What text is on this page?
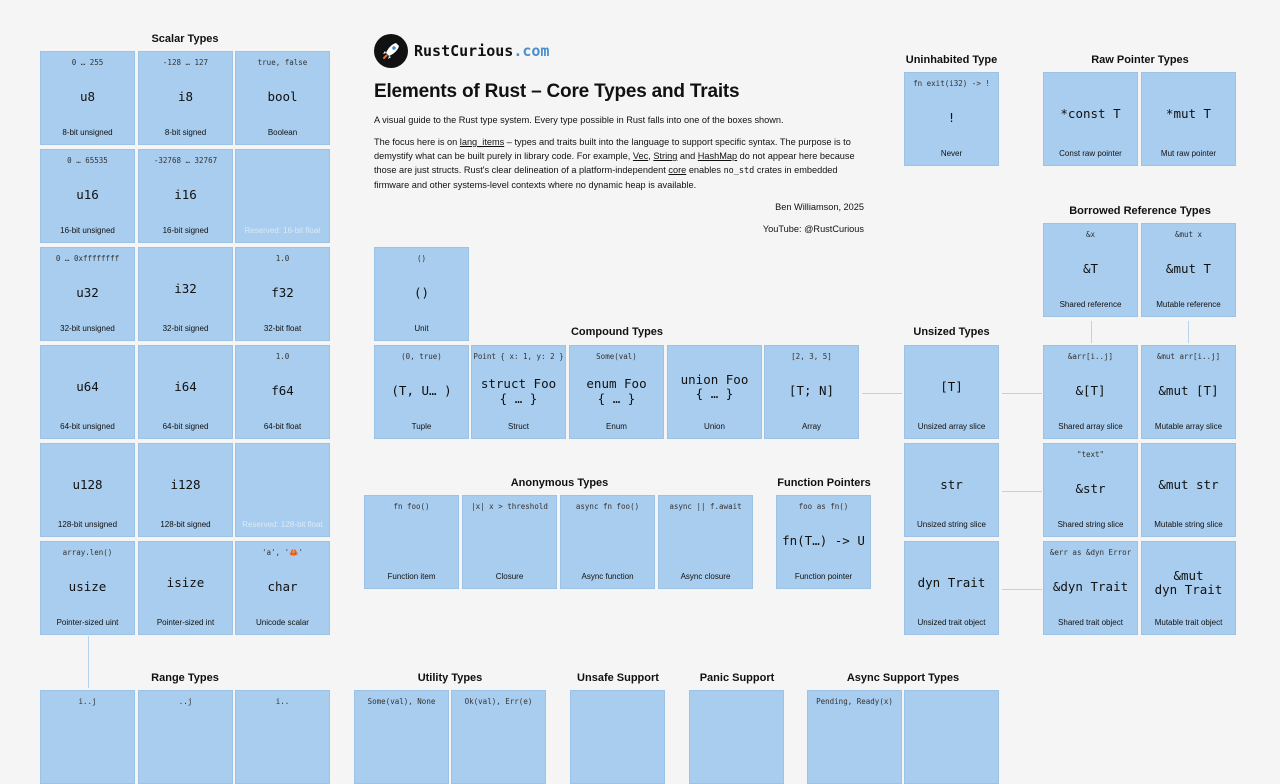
RustCurious.com
Elements of Rust – Core Types and Traits

A visual guide to the Rust type system. Every type possible in Rust falls into one of the boxes shown.

The focus here is on lang_items – types and traits built into the language to support specific syntax. The purpose is to demystify what can be built purely in library code. For example, Vec, String and HashMap do not appear here because those are just structs. Rust's clear delineation of a platform-independent core enables no_std crates in embedded firmware and other systems-level contexts where no dynamic heap is available.

Ben Williamson, 2025

YouTube: @RustCurious

Scalar Types
Uninhabited Type	Raw Pointer Types
Borrowed Reference Types
Compound Types	Unsized Types
Anonymous Types	Function Pointers
Range Types	Utility Types	Unsafe Support	Panic Support	Async Support Types
0 … 255
u8
8-bit unsigned
-128 … 127
i8
8-bit signed
true, false
bool
Boolean
0 … 65535
u16
16-bit unsigned
-32768 … 32767
i16
16-bit signed	Reserved: 16-bit float
0 … 0xffffffff
u32
32-bit unsigned
i32
32-bit signed
1.0
f32
32-bit float
u64
64-bit unsigned
i64
64-bit signed
1.0
f64
64-bit float
u128
128-bit unsigned
i128
128-bit signed	Reserved: 128-bit float
array.len()
usize
Pointer-sized uint
isize
Pointer-sized int
'a', '🦀'
char
Unicode scalar
fn exit(i32) -> !
!
Never
*const T
Const raw pointer
*mut T
Mut raw pointer
&x
&T
Shared reference
&mut x
&mut T
Mutable reference
()
()
Unit
(0, true)
(T, U… )
Tuple
Point { x: 1, y: 2 }
struct Foo
{ … }
Struct
Some(val)
enum Foo
{ … }
Enum
union Foo
{ … }
Union
[2, 3, 5]
[T; N]
Array
[T]
Unsized array slice
&arr[i..j]
&[T]
Shared array slice
&mut arr[i..j]
&mut [T]
Mutable array slice
str
Unsized string slice
"text"
&str
Shared string slice
&mut str
Mutable string slice
dyn Trait
Unsized trait object
&err as &dyn Error
&dyn Trait
Shared trait object
&mut
dyn Trait
Mutable trait object
fn foo()
Function item
|x| x > threshold
Closure
async fn foo()
Async function
async || f.await
Async closure
foo as fn()
fn(T…) -> U
Function pointer
i..j	..j	i..	Some(val), None	Ok(val), Err(e)	Pending, Ready(x)
